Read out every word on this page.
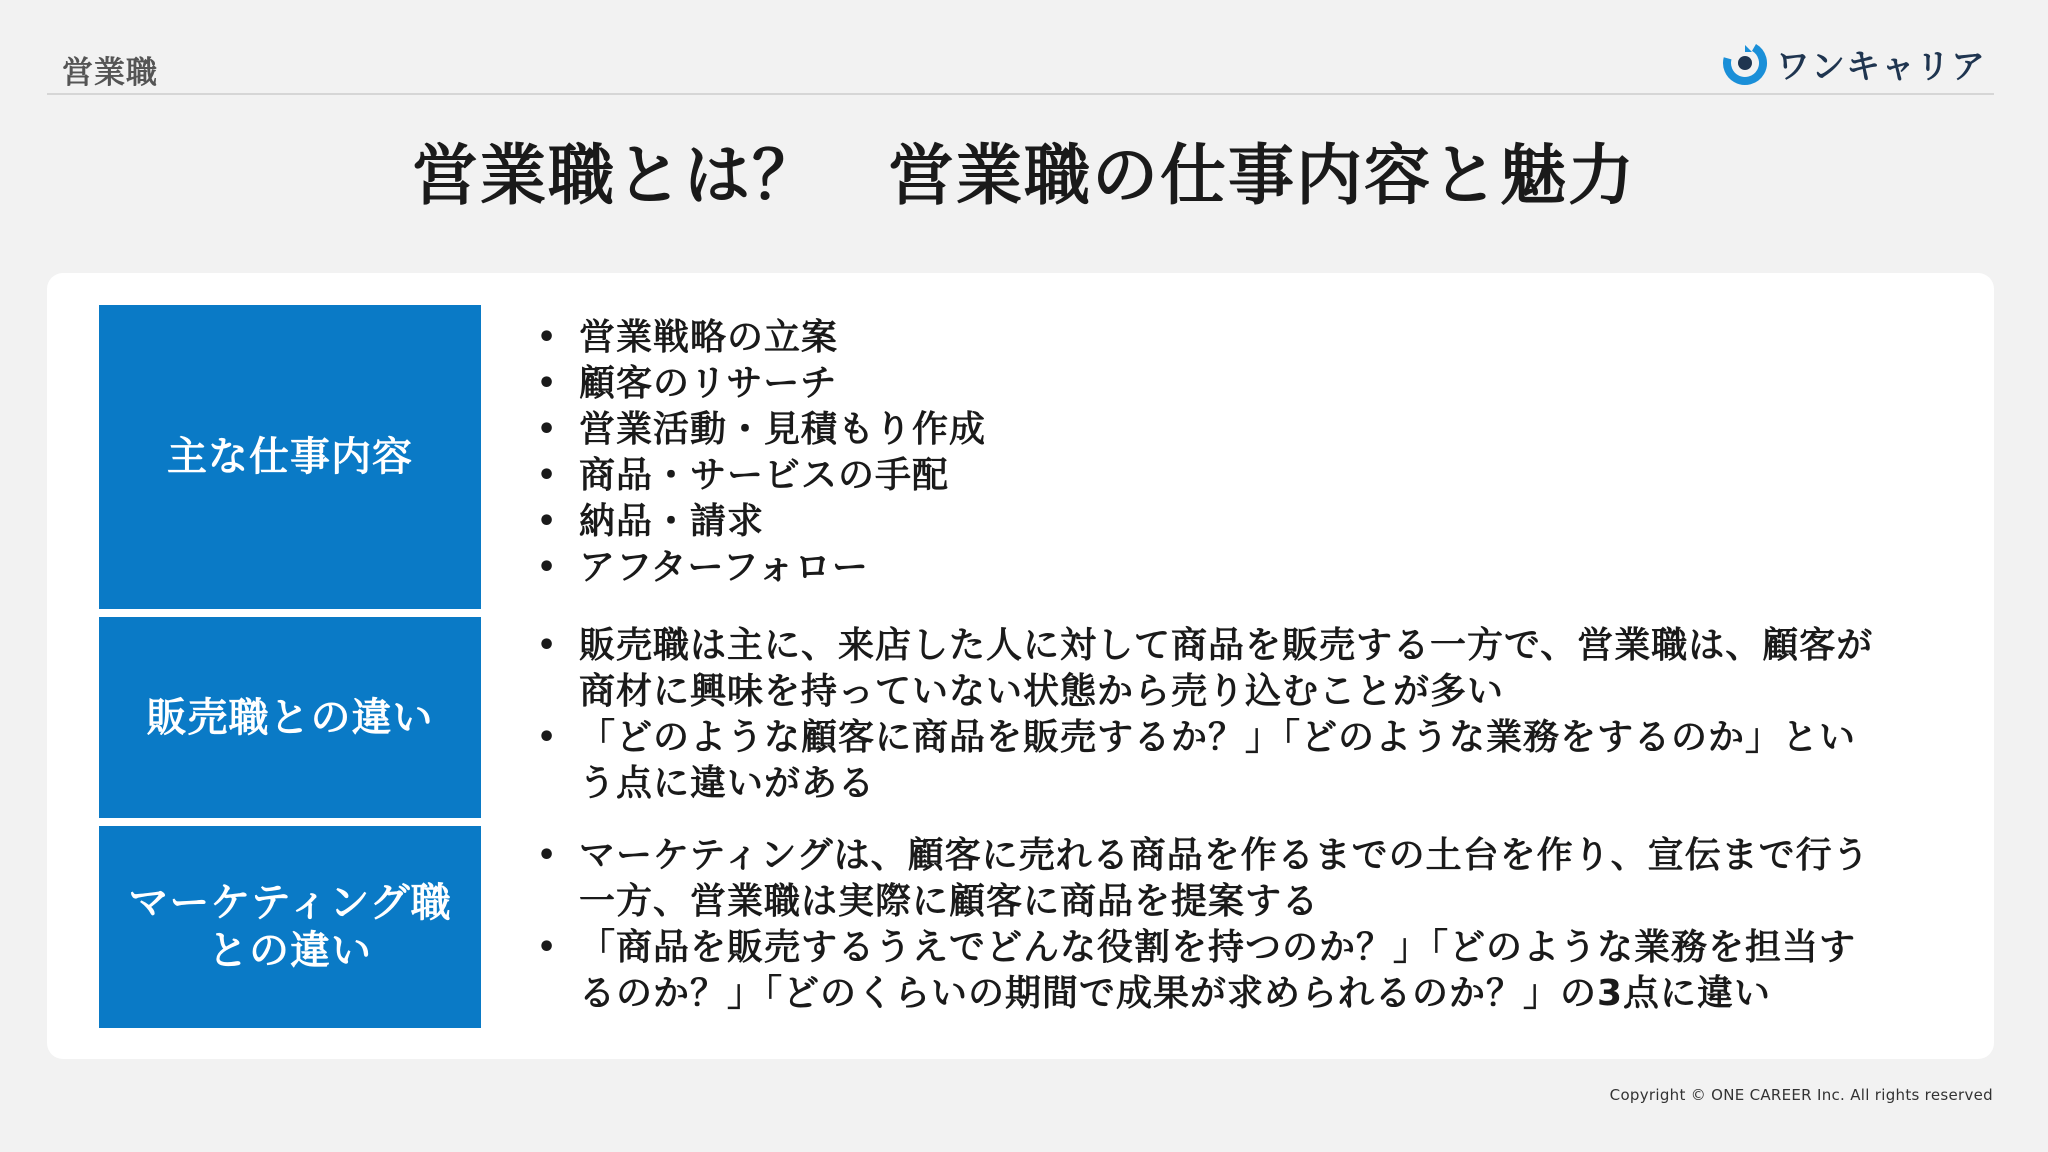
営業職	ワンキャリア
営業職とは？　営業職の仕事内容と魅力
主な仕事内容
• 営業戦略の立案
• 顧客のリサーチ
• 営業活動・見積もり作成
• 商品・サービスの手配
• 納品・請求
• アフターフォロー
販売職との違い
• 販売職は主に、来店した人に対して商品を販売する一方で、営業職は、顧客が
商材に興味を持っていない状態から売り込むことが多い
• 「どのような顧客に商品を販売するか？」「どのような業務をするのか」とい
う点に違いがある
マーケティング職
との違い
• マーケティングは、顧客に売れる商品を作るまでの土台を作り、宣伝まで行う
一方、営業職は実際に顧客に商品を提案する
• 「商品を販売するうえでどんな役割を持つのか？」「どのような業務を担当す
るのか？」「どのくらいの期間で成果が求められるのか？」の3点に違い
Copyright © ONE CAREER Inc. All rights reserved
